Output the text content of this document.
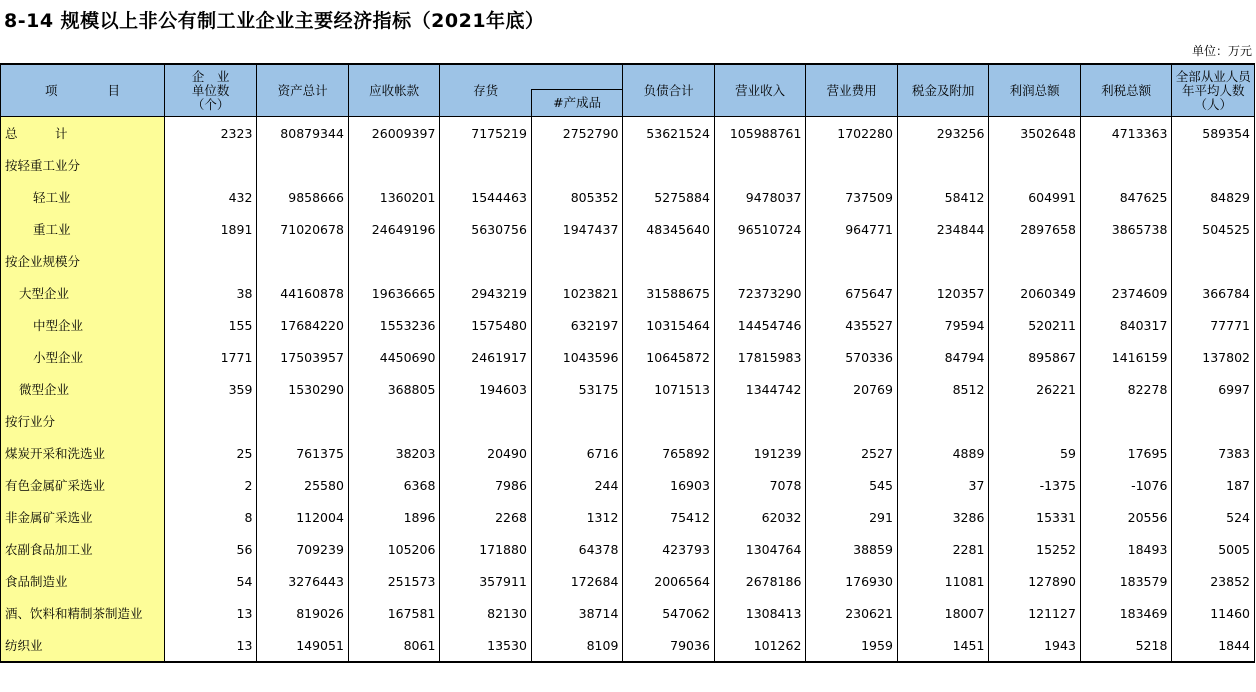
8-14 规模以上非公有制工业企业主要经济指标（2021年底）
单位：万元
项　　　　目	企　业
单位数
（个）	资产总计	应收帐款	存货		负债合计	营业收入	营业费用	税金及附加	利润总额	利税总额	全部从业人员
年平均人数
（人）
					#产成品							
总　　　计	2323	80879344	26009397	7175219	2752790	53621524	105988761	1702280	293256	3502648	4713363	589354
按轻重工业分												
轻工业	432	9858666	1360201	1544463	805352	5275884	9478037	737509	58412	604991	847625	84829
重工业	1891	71020678	24649196	5630756	1947437	48345640	96510724	964771	234844	2897658	3865738	504525
按企业规模分												
大型企业	38	44160878	19636665	2943219	1023821	31588675	72373290	675647	120357	2060349	2374609	366784
中型企业	155	17684220	1553236	1575480	632197	10315464	14454746	435527	79594	520211	840317	77771
小型企业	1771	17503957	4450690	2461917	1043596	10645872	17815983	570336	84794	895867	1416159	137802
微型企业	359	1530290	368805	194603	53175	1071513	1344742	20769	8512	26221	82278	6997
按行业分												
煤炭开采和洗选业	25	761375	38203	20490	6716	765892	191239	2527	4889	59	17695	7383
有色金属矿采选业	2	25580	6368	7986	244	16903	7078	545	37	-1375	-1076	187
非金属矿采选业	8	112004	1896	2268	1312	75412	62032	291	3286	15331	20556	524
农副食品加工业	56	709239	105206	171880	64378	423793	1304764	38859	2281	15252	18493	5005
食品制造业	54	3276443	251573	357911	172684	2006564	2678186	176930	11081	127890	183579	23852
酒、饮料和精制茶制造业	13	819026	167581	82130	38714	547062	1308413	230621	18007	121127	183469	11460
纺织业	13	149051	8061	13530	8109	79036	101262	1959	1451	1943	5218	1844
